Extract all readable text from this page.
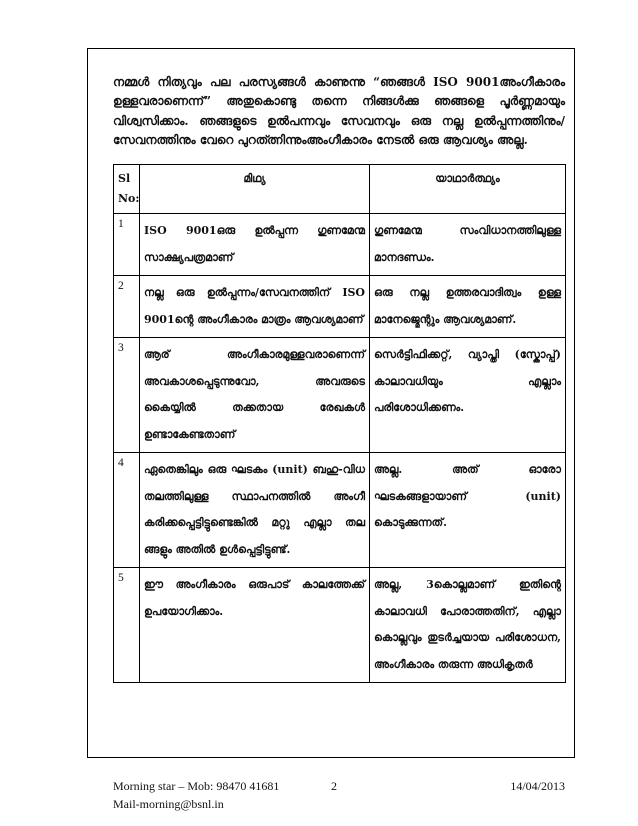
നമ്മൾ നിത്യവും പല പരസ്യങ്ങൾ കാണുന്നു “ഞങ്ങൾ ISO 9001അംഗീകാരം ഉള്ളവരാണെന്ന്” അതുകൊണ്ടു തന്നെ നിങ്ങൾക്കു ഞങ്ങളെ പൂർണ്ണമായും വിശ്വസിക്കാം. ഞങ്ങളുടെ ഉൽപന്നവും സേവനവും ഒരു നല്ല ഉൽപ്പന്നത്തിനും/സേവനത്തിനും വേറെ പുറത്ത്നിന്നുംഅംഗീകാരം നേടൽ ഒരു ആവശ്യം അല്ല.

Sl No:	മിഥ്യ	യാഥാർത്ഥ്യം
1	ISO 9001ഒരു ഉൽപ്പന്ന ഗുണമേന്മ സാക്ഷ്യപത്രമാണ്	ഗുണമേന്മ സംവിധാനത്തിലുള്ള മാനദണ്ഡം.
2	നല്ല ഒരു ഉൽപ്പന്നം/സേവനത്തിന് ISO 9001ന്റെ അംഗീകാരം മാത്രം ആവശ്യമാണ്	ഒരു നല്ല ഉത്തരവാദിത്വം ഉള്ള മാനേജ്മെന്റും ആവശ്യമാണ്.
3	ആര് അംഗീകാരമുള്ളവരാണെന്ന് അവകാശപ്പെടുന്നുവോ, അവരുടെ കൈയ്യിൽ തക്കതായ രേഖകൾ ഉണ്ടാകേണ്ടതാണ്	സെർട്ടിഫിക്കറ്റ്, വ്യാപ്തി (സ്കോപ്പ്) കാലാവധിയും എല്ലാം പരിശോധിക്കണം.
4	ഏതെങ്കിലും ഒരു ഘടകം (unit) ബഹു-വിധ തലത്തിലുള്ള സ്ഥാപനത്തിൽ അംഗീ കരിക്കപ്പെട്ടിട്ടുണ്ടെങ്കിൽ മറ്റു എല്ലാ തല ങ്ങളും അതിൽ ഉൾപ്പെട്ടിട്ടുണ്ട്.	അല്ല. അത് ഓരോ ഘടകങ്ങളായാണ് (unit) കൊടുക്കുന്നത്.
5	ഈ അംഗീകാരം ഒരുപാട് കാലത്തേക്ക് ഉപയോഗിക്കാം.	അല്ല, 3കൊല്ലമാണ് ഇതിന്റെ കാലാവധി പോരാത്തതിന്, എല്ലാ കൊല്ലവും തുടർച്ചയായ പരിശോധന, അംഗീകാരം തരുന്ന അധികൃതർ
Morning star – Mob: 98470 41681	2	14/04/2013
Mail-morning@bsnl.in
